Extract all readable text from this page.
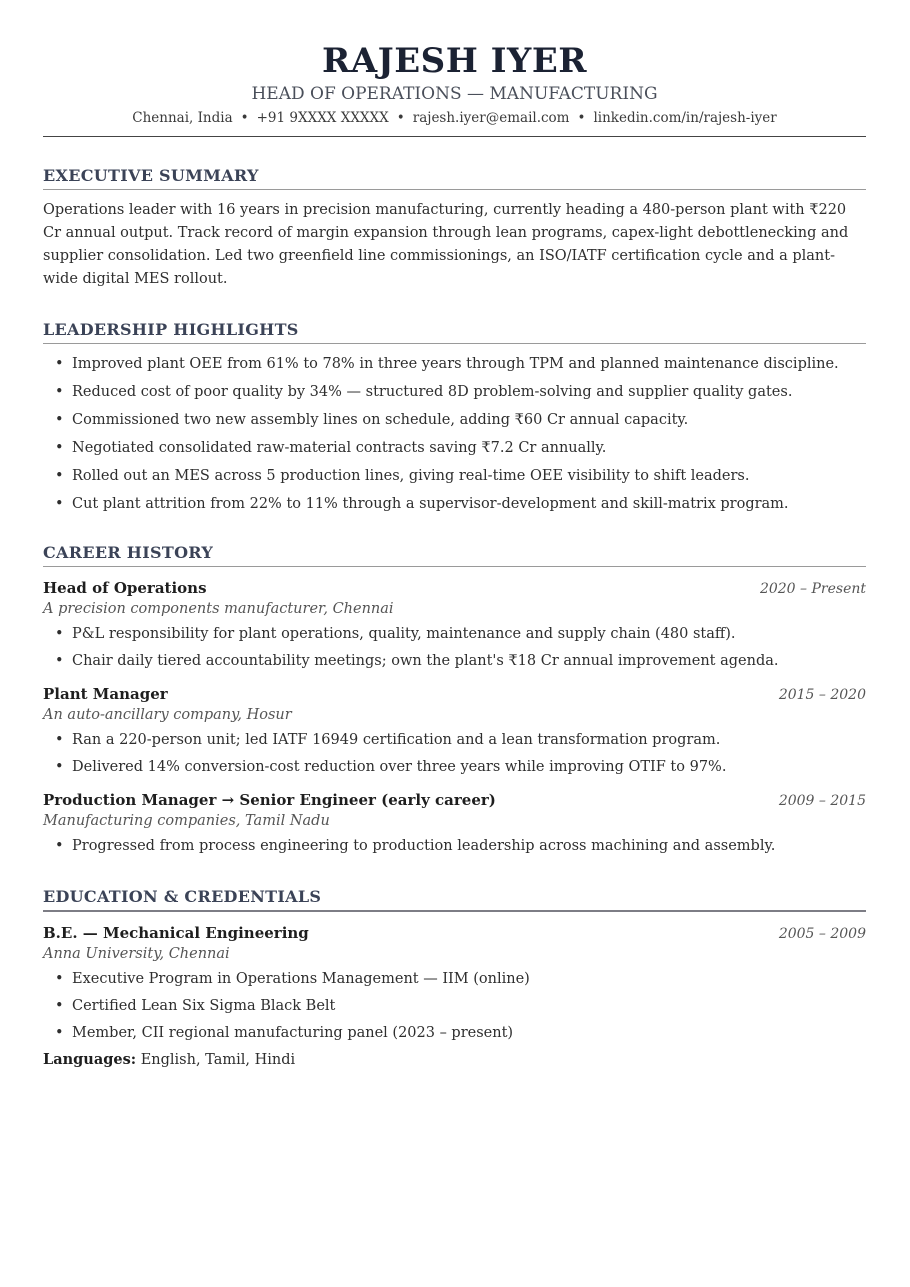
RAJESH IYER
HEAD OF OPERATIONS — MANUFACTURING
Chennai, India • +91 9XXXX XXXXX • rajesh.iyer@email.com • linkedin.com/in/rajesh-iyer
EXECUTIVE SUMMARY
Operations leader with 16 years in precision manufacturing, currently heading a 480-person plant with ₹220 Cr annual output. Track record of margin expansion through lean programs, capex-light debottlenecking and supplier consolidation. Led two greenfield line commissionings, an ISO/IATF certification cycle and a plant-wide digital MES rollout.
LEADERSHIP HIGHLIGHTS
• Improved plant OEE from 61% to 78% in three years through TPM and planned maintenance discipline.
• Reduced cost of poor quality by 34% — structured 8D problem-solving and supplier quality gates.
• Commissioned two new assembly lines on schedule, adding ₹60 Cr annual capacity.
• Negotiated consolidated raw-material contracts saving ₹7.2 Cr annually.
• Rolled out an MES across 5 production lines, giving real-time OEE visibility to shift leaders.
• Cut plant attrition from 22% to 11% through a supervisor-development and skill-matrix program.
CAREER HISTORY
Head of Operations	2020 – Present
A precision components manufacturer, Chennai
• P&L responsibility for plant operations, quality, maintenance and supply chain (480 staff).
• Chair daily tiered accountability meetings; own the plant's ₹18 Cr annual improvement agenda.
Plant Manager	2015 – 2020
An auto-ancillary company, Hosur
• Ran a 220-person unit; led IATF 16949 certification and a lean transformation program.
• Delivered 14% conversion-cost reduction over three years while improving OTIF to 97%.
Production Manager → Senior Engineer (early career)	2009 – 2015
Manufacturing companies, Tamil Nadu
• Progressed from process engineering to production leadership across machining and assembly.
EDUCATION & CREDENTIALS
B.E. — Mechanical Engineering	2005 – 2009
Anna University, Chennai
• Executive Program in Operations Management — IIM (online)
• Certified Lean Six Sigma Black Belt
• Member, CII regional manufacturing panel (2023 – present)
Languages: English, Tamil, Hindi
